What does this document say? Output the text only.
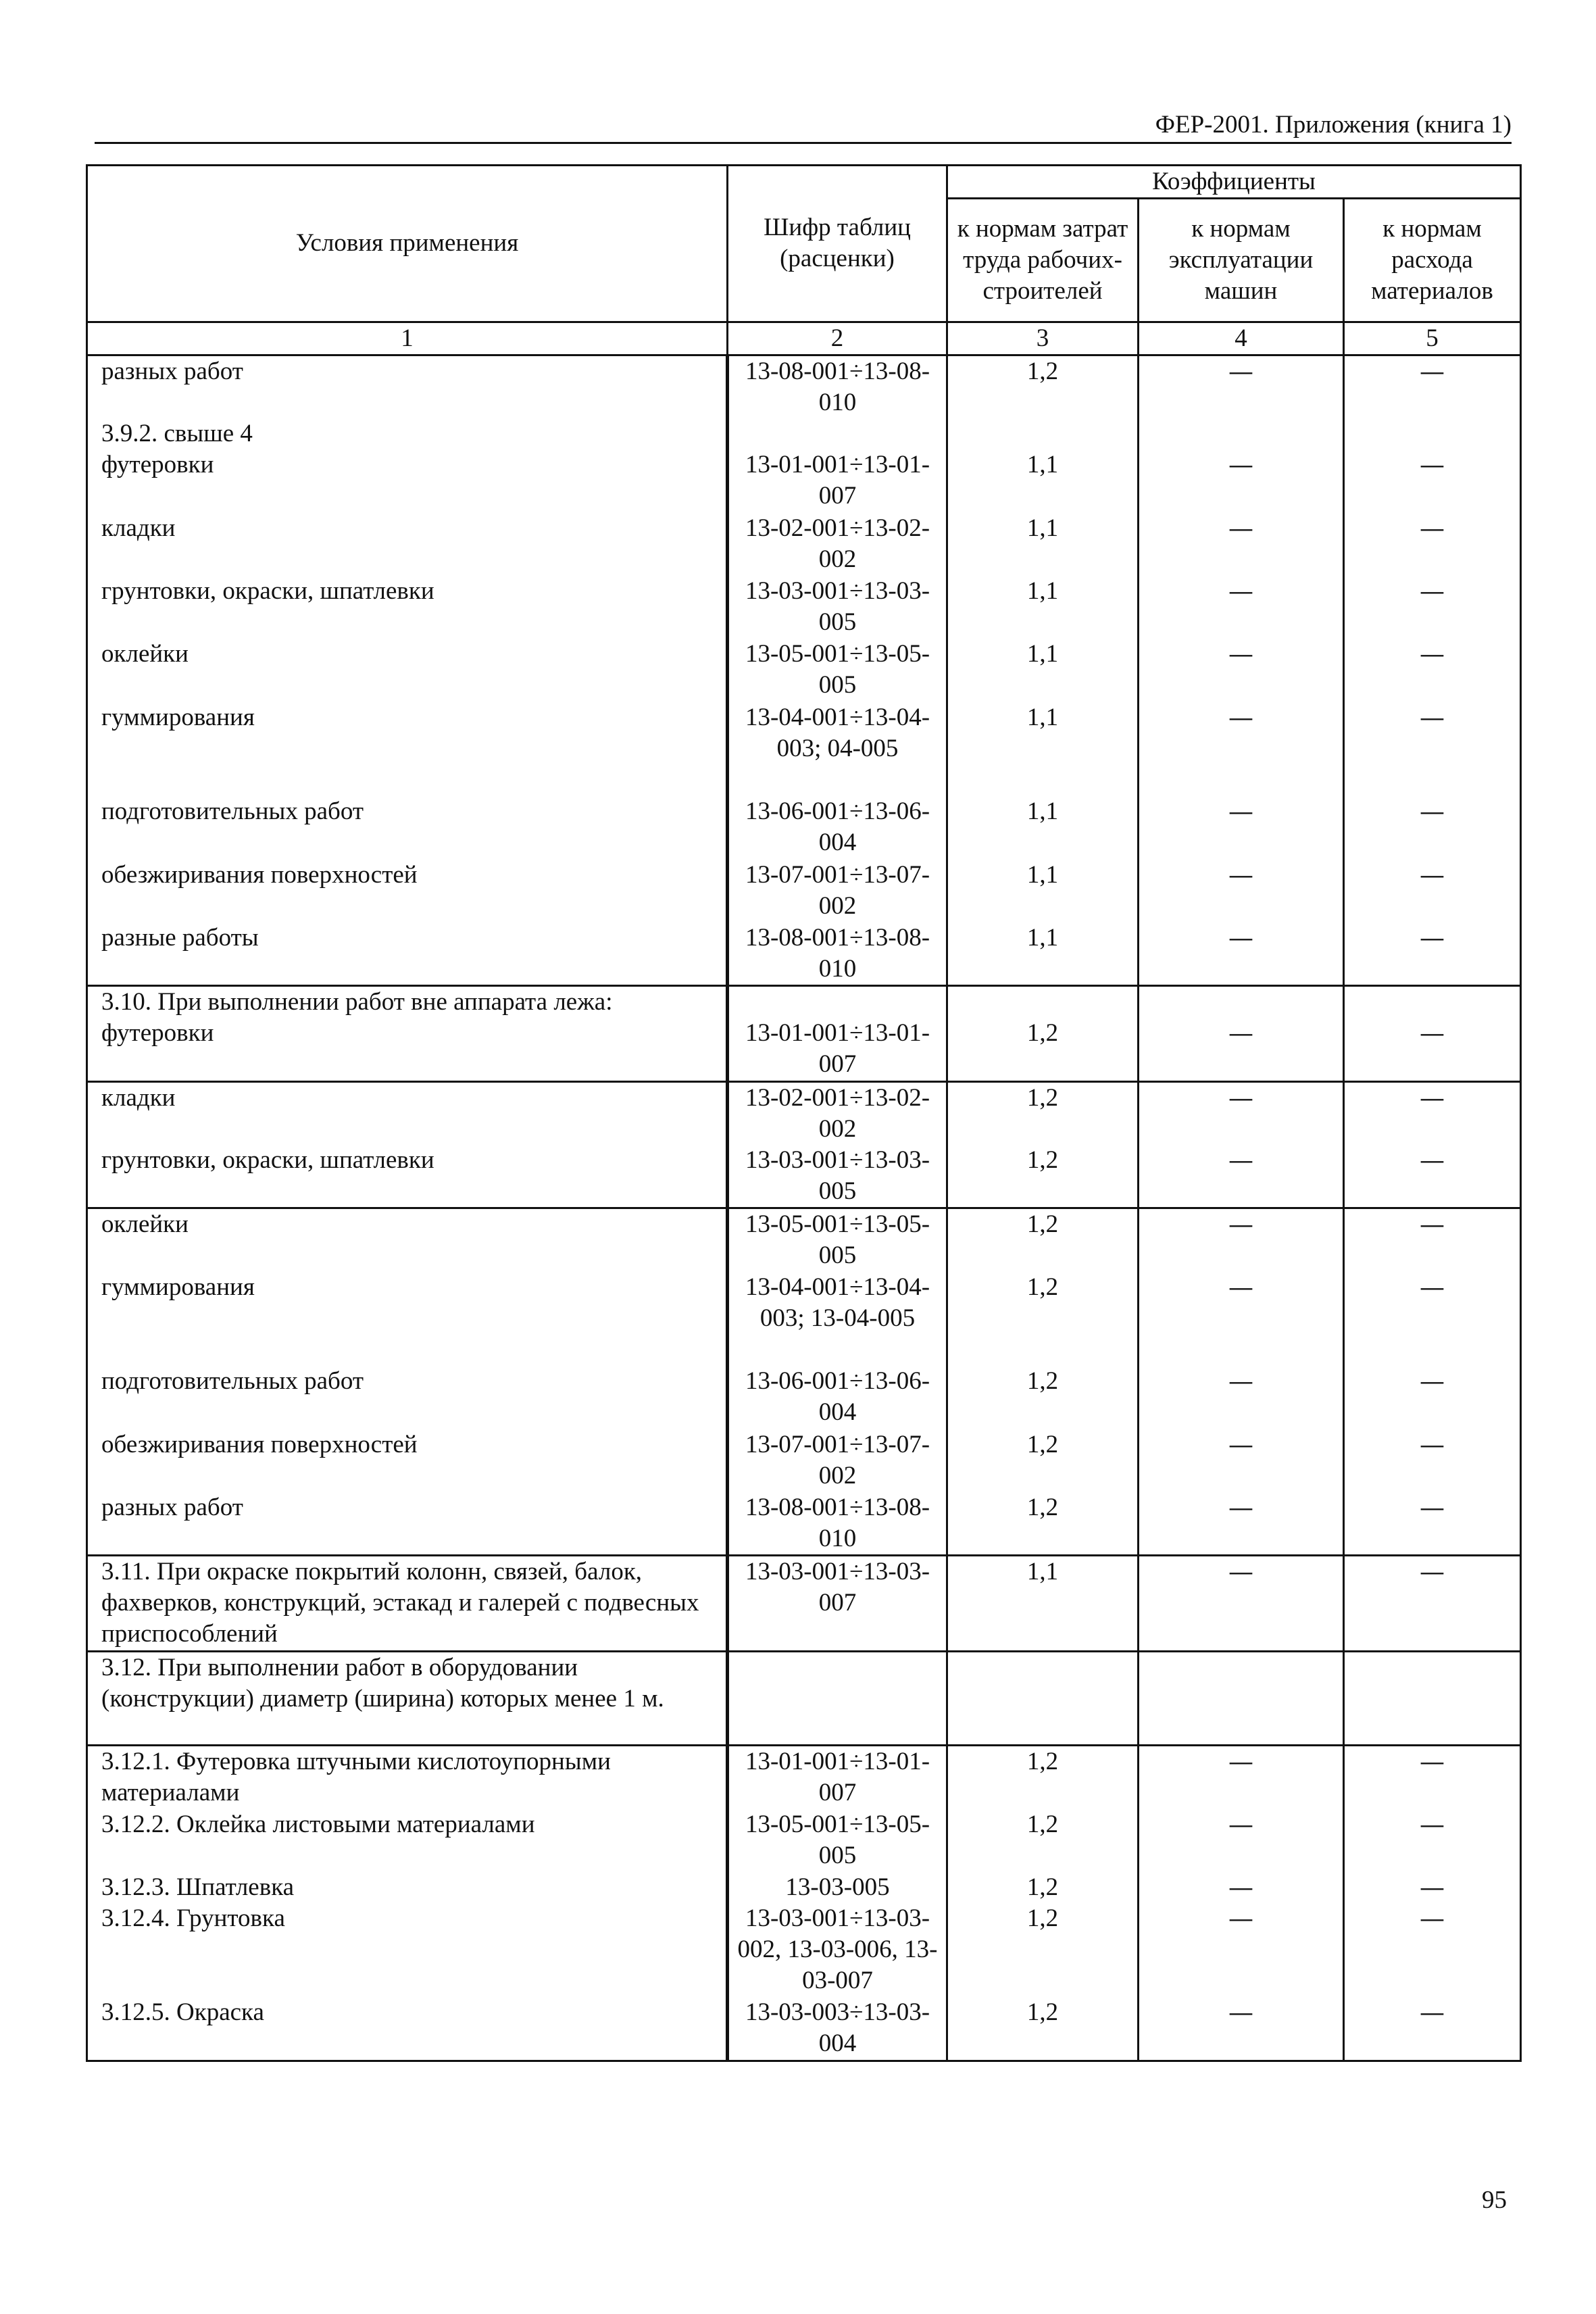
ФЕР-2001. Приложения (книга 1)
Условия применения	Шифр таблиц (расценки)	Коэффициенты		
		к нормам затрат труда рабочих-строителей	к нормам эксплуатации машин	к нормам расхода материалов
1	2	3	4	5
разных работ	13-08-001÷13-08-010	1,2	—	—
3.9.2. свыше 4				
футеровки	13-01-001÷13-01-007	1,1	—	—
кладки	13-02-001÷13-02-002	1,1	—	—
грунтовки, окраски, шпатлевки	13-03-001÷13-03-005	1,1	—	—
оклейки	13-05-001÷13-05-005	1,1	—	—
гуммирования	13-04-001÷13-04-003; 04-005	1,1	—	—
подготовительных работ	13-06-001÷13-06-004	1,1	—	—
обезжиривания поверхностей	13-07-001÷13-07-002	1,1	—	—
разные работы	13-08-001÷13-08-010	1,1	—	—
3.10. При выполнении работ вне аппарата лежа:				
футеровки	13-01-001÷13-01-007	1,2	—	—
кладки	13-02-001÷13-02-002	1,2	—	—
грунтовки, окраски, шпатлевки	13-03-001÷13-03-005	1,2	—	—
оклейки	13-05-001÷13-05-005	1,2	—	—
гуммирования	13-04-001÷13-04-003; 13-04-005	1,2	—	—
подготовительных работ	13-06-001÷13-06-004	1,2	—	—
обезжиривания поверхностей	13-07-001÷13-07-002	1,2	—	—
разных работ	13-08-001÷13-08-010	1,2	—	—
3.11. При окраске покрытий колонн, связей, балок, фахверков, конструкций, эстакад и галерей с подвесных приспособлений	13-03-001÷13-03-007	1,1	—	—
3.12. При выполнении работ в оборудовании (конструкции) диаметр (ширина) которых менее 1 м.				
3.12.1. Футеровка штучными кислотоупорными материалами	13-01-001÷13-01-007	1,2	—	—
3.12.2. Оклейка листовыми материалами	13-05-001÷13-05-005	1,2	—	—
3.12.3. Шпатлевка	13-03-005	1,2	—	—
3.12.4. Грунтовка	13-03-001÷13-03-002, 13-03-006, 13-03-007	1,2	—	—
3.12.5. Окраска	13-03-003÷13-03-004	1,2	—	—
95
